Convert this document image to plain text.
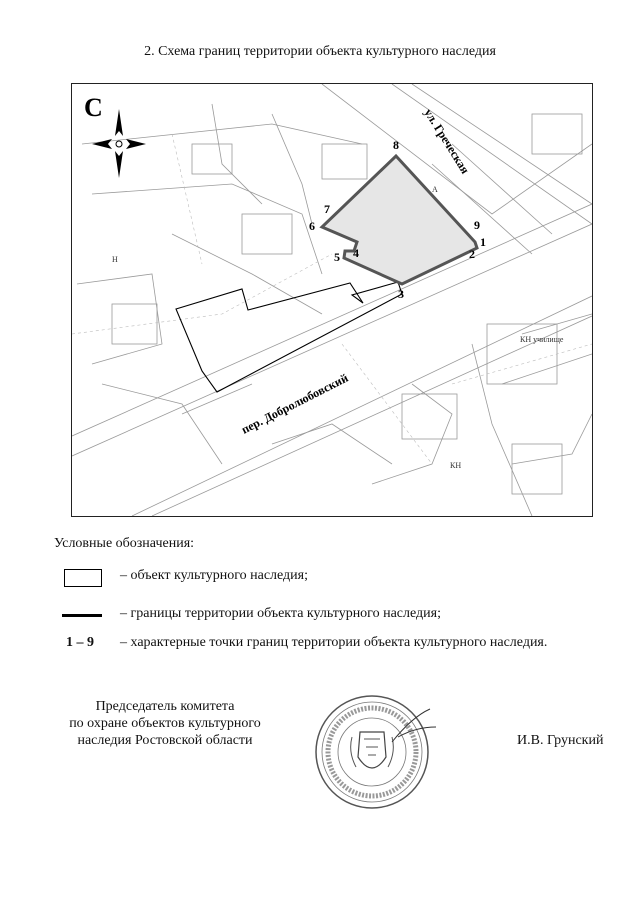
2. Схема границ территории объекта культурного наследия
С	ул. Греческая
пер. Добролюбовский
КН училище
КН
Н
А
1
2
3
4
5
6
7
8
9
Условные обозначения:
– объект культурного наследия;
– границы территории объекта культурного наследия;
1 – 9 – характерные точки границ территории объекта культурного наследия.
Председатель комитета
по охране объектов культурного
наследия Ростовской области	И.В. Грунский
